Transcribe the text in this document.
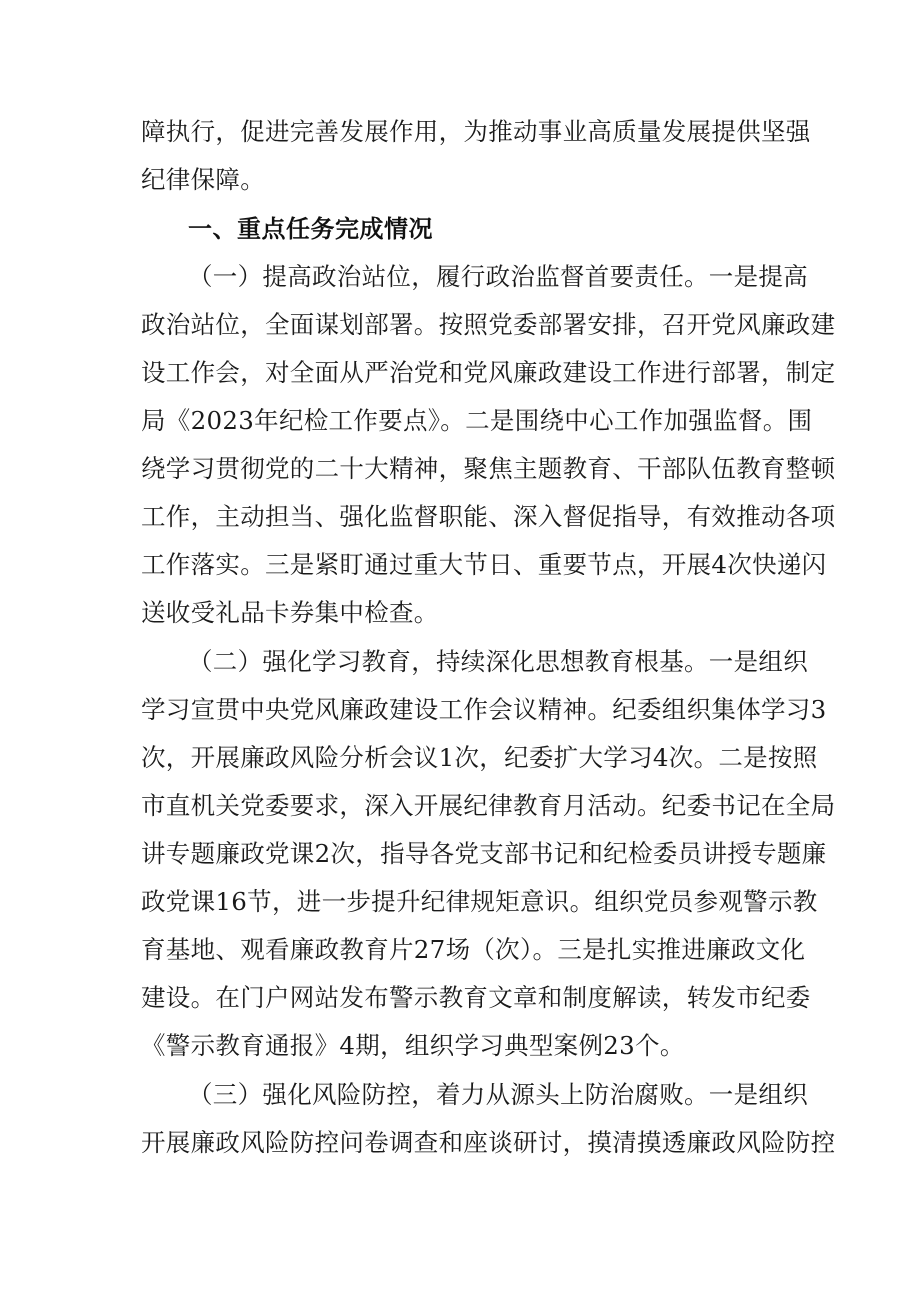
障执行，促进完善发展作用，为推动事业高质量发展提供坚强
纪律保障。
一、重点任务完成情况
（一）提高政治站位，履行政治监督首要责任。一是提高
政治站位，全面谋划部署。按照党委部署安排，召开党风廉政建
设工作会，对全面从严治党和党风廉政建设工作进行部署，制定
局《2023年纪检工作要点》。二是围绕中心工作加强监督。围
绕学习贯彻党的二十大精神，聚焦主题教育、干部队伍教育整顿
工作，主动担当、强化监督职能、深入督促指导，有效推动各项
工作落实。三是紧盯通过重大节日、重要节点，开展4次快递闪
送收受礼品卡券集中检查。
（二）强化学习教育，持续深化思想教育根基。一是组织
学习宣贯中央党风廉政建设工作会议精神。纪委组织集体学习3
次，开展廉政风险分析会议1次，纪委扩大学习4次。二是按照
市直机关党委要求，深入开展纪律教育月活动。纪委书记在全局
讲专题廉政党课2次，指导各党支部书记和纪检委员讲授专题廉
政党课16节，进一步提升纪律规矩意识。组织党员参观警示教
育基地、观看廉政教育片27场（次）。三是扎实推进廉政文化
建设。在门户网站发布警示教育文章和制度解读，转发市纪委
《警示教育通报》4期，组织学习典型案例23个。
（三）强化风险防控，着力从源头上防治腐败。一是组织
开展廉政风险防控问卷调查和座谈研讨，摸清摸透廉政风险防控
